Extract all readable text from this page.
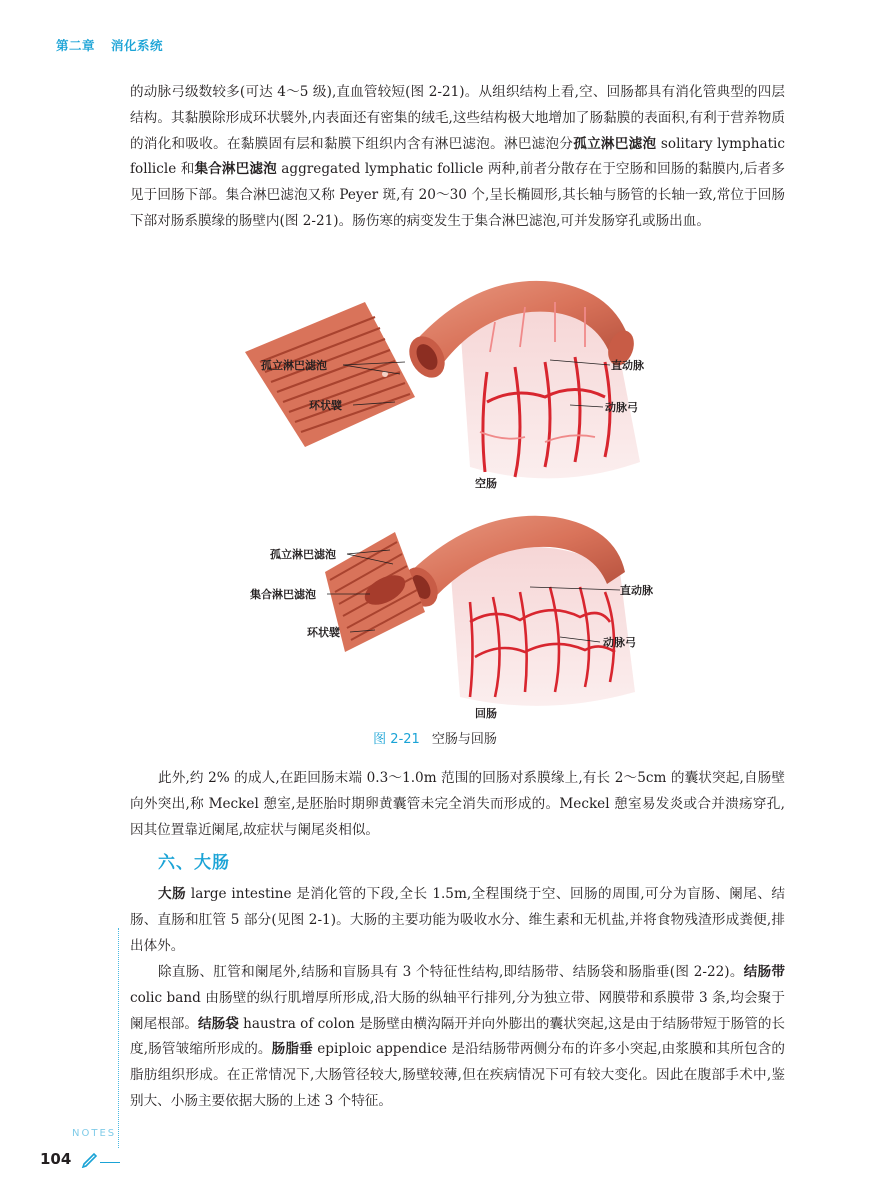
第二章 消化系统

的动脉弓级数较多(可达 4～5 级),直血管较短(图 2-21)。从组织结构上看,空、回肠都具有消化管典型的四层结构。其黏膜除形成环状襞外,内表面还有密集的绒毛,这些结构极大地增加了肠黏膜的表面积,有利于营养物质的消化和吸收。在黏膜固有层和黏膜下组织内含有淋巴滤泡。淋巴滤泡分孤立淋巴滤泡 solitary lymphatic follicle 和集合淋巴滤泡 aggregated lymphatic follicle 两种,前者分散存在于空肠和回肠的黏膜内,后者多见于回肠下部。集合淋巴滤泡又称 Peyer 斑,有 20～30 个,呈长椭圆形,其长轴与肠管的长轴一致,常位于回肠下部对肠系膜缘的肠壁内(图 2-21)。肠伤寒的病变发生于集合淋巴滤泡,可并发肠穿孔或肠出血。

孤立淋巴滤泡
环状襞
直动脉
动脉弓
空肠
孤立淋巴滤泡
集合淋巴滤泡
环状襞
直动脉
动脉弓
回肠
图 2-21 空肠与回肠

此外,约 2% 的成人,在距回肠末端 0.3～1.0m 范围的回肠对系膜缘上,有长 2～5cm 的囊状突起,自肠壁向外突出,称 Meckel 憩室,是胚胎时期卵黄囊管未完全消失而形成的。Meckel 憩室易发炎或合并溃疡穿孔,因其位置靠近阑尾,故症状与阑尾炎相似。

六、大肠

大肠 large intestine 是消化管的下段,全长 1.5m,全程围绕于空、回肠的周围,可分为盲肠、阑尾、结肠、直肠和肛管 5 部分(见图 2-1)。大肠的主要功能为吸收水分、维生素和无机盐,并将食物残渣形成粪便,排出体外。

除直肠、肛管和阑尾外,结肠和盲肠具有 3 个特征性结构,即结肠带、结肠袋和肠脂垂(图 2-22)。结肠带 colic band 由肠壁的纵行肌增厚所形成,沿大肠的纵轴平行排列,分为独立带、网膜带和系膜带 3 条,均会聚于阑尾根部。结肠袋 haustra of colon 是肠壁由横沟隔开并向外膨出的囊状突起,这是由于结肠带短于肠管的长度,肠管皱缩所形成的。肠脂垂 epiploic appendice 是沿结肠带两侧分布的许多小突起,由浆膜和其所包含的脂肪组织形成。在正常情况下,大肠管径较大,肠壁较薄,但在疾病情况下可有较大变化。因此在腹部手术中,鉴别大、小肠主要依据大肠的上述 3 个特征。

NOTES
104
